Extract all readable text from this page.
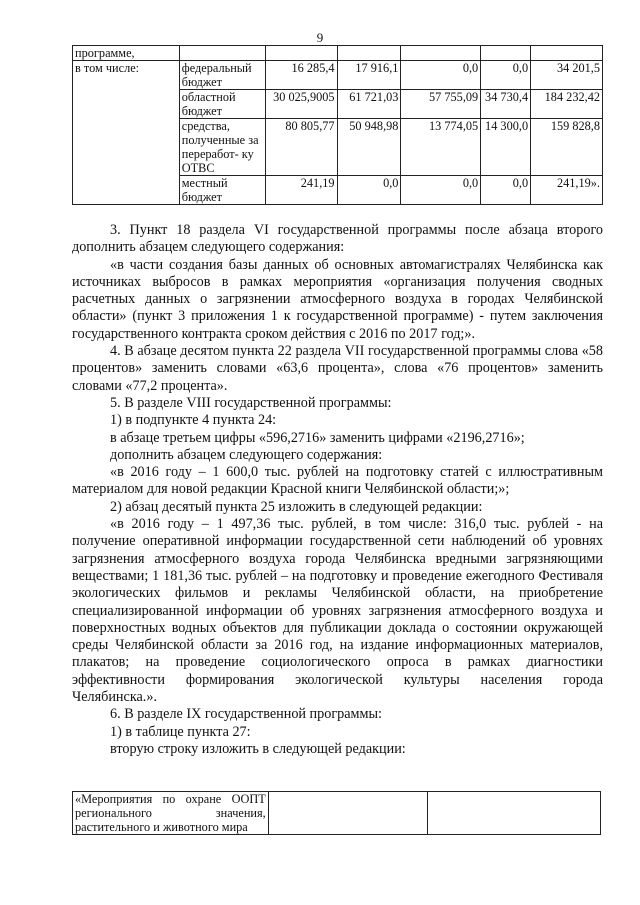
9
программе,						
в том числе:	федеральный бюджет	16 285,4	17 916,1	0,0	0,0	34 201,5
	областной бюджет	30 025,9005	61 721,03	57 755,09	34 730,4	184 232,42
	средства, полученные за переработ- ку ОТВС	80 805,77	50 948,98	13 774,05	14 300,0	159 828,8
	местный бюджет	241,19	0,0	0,0	0,0	241,19».

3. Пункт 18 раздела VI государственной программы после абзаца второго дополнить абзацем следующего содержания:

«в части создания базы данных об основных автомагистралях Челябинска как источниках выбросов в рамках мероприятия «организация получения сводных расчетных данных о загрязнении атмосферного воздуха в городах Челябинской области» (пункт 3 приложения 1 к государственной программе) - путем заключения государственного контракта сроком действия с 2016 по 2017 год;».

4. В абзаце десятом пункта 22 раздела VII государственной программы слова «58 процентов» заменить словами «63,6 процента», слова «76 процентов» заменить словами «77,2 процента».

5. В разделе VIII государственной программы:

1) в подпункте 4 пункта 24:

в абзаце третьем цифры «596,2716» заменить цифрами «2196,2716»;

дополнить абзацем следующего содержания:

«в 2016 году – 1 600,0 тыс. рублей на подготовку статей с иллюстративным материалом для новой редакции Красной книги Челябинской области;»;

2) абзац десятый пункта 25 изложить в следующей редакции:

«в 2016 году – 1 497,36 тыс. рублей, в том числе: 316,0 тыс. рублей - на получение оперативной информации государственной сети наблюдений об уровнях загрязнения атмосферного воздуха города Челябинска вредными загрязняющими веществами; 1 181,36 тыс. рублей – на подготовку и проведение ежегодного Фестиваля экологических фильмов и рекламы Челябинской области, на приобретение специализированной информации об уровнях загрязнения атмосферного воздуха и поверхностных водных объектов для публикации доклада о состоянии окружающей среды Челябинской области за 2016 год, на издание информационных материалов, плакатов; на проведение социологического опроса в рамках диагностики эффективности формирования экологической культуры населения города Челябинска.».

6. В разделе IX государственной программы:

1) в таблице пункта 27:

вторую строку изложить в следующей редакции:

«Мероприятия по охране ООПТ регионального значения, растительного и животного мира		
